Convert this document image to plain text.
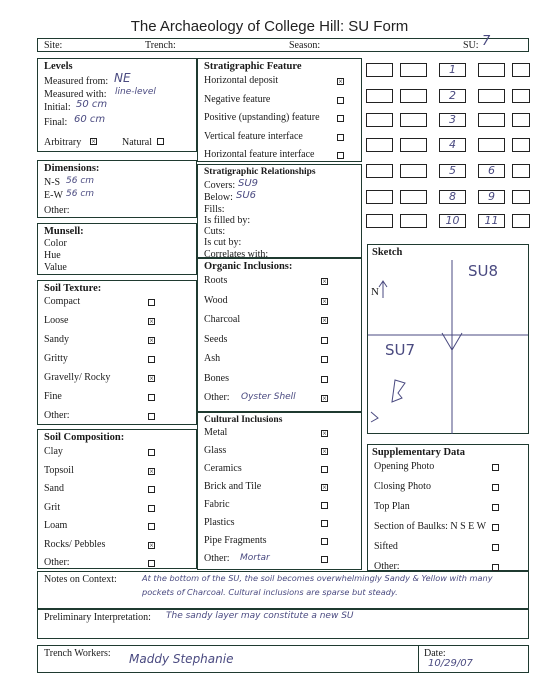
The Archaeology of College Hill: SU Form
Site:	Trench:	Season:	SU: 7
Levels
Measured from: NE
Measured with: line-level
Initial: 50 cm
Final: 60 cm
Arbitrary ×	Natural
Dimensions:
N-S 56 cm
E-W 56 cm
Other:
Munsell:
Color
Hue
Value
Soil Texture:
Compact
Loose	×
Sandy	×
Gritty
Gravelly/ Rocky	×
Fine
Other:
Soil Composition:
Clay
Topsoil	×
Sand
Grit
Loam
Rocks/ Pebbles	×
Other:
Stratigraphic Feature
Horizontal deposit	×
Negative feature
Positive (upstanding) feature
Vertical feature interface
Horizontal feature interface
Stratigraphic Relationships
Covers: SU9
Below: SU6
Fills:
Is filled by:
Cuts:
Is cut by:
Correlates with:
Organic Inclusions:
Roots	×
Wood	×
Charcoal	×
Seeds
Ash
Bones
Other:	×
Oyster Shell
Cultural Inclusions
Metal	×
Glass	×
Ceramics
Brick and Tile	×
Fabric
Plastics
Pipe Fragments
Other: Mortar
1
2
3
4
5	6
8	9
10	11
Sketch
SU8
SU7
N
Supplementary Data
Opening Photo
Closing Photo
Top Plan
Section of Baulks: N S E W
Sifted
Other:
Notes on Context:	At the bottom of the SU, the soil becomes overwhelmingly Sandy & Yellow with many
pockets of Charcoal. Cultural inclusions are sparse but steady.
Preliminary Interpretation: The sandy layer may constitute a new SU
Trench Workers: Maddy Stephanie	Date:
10/29/07
